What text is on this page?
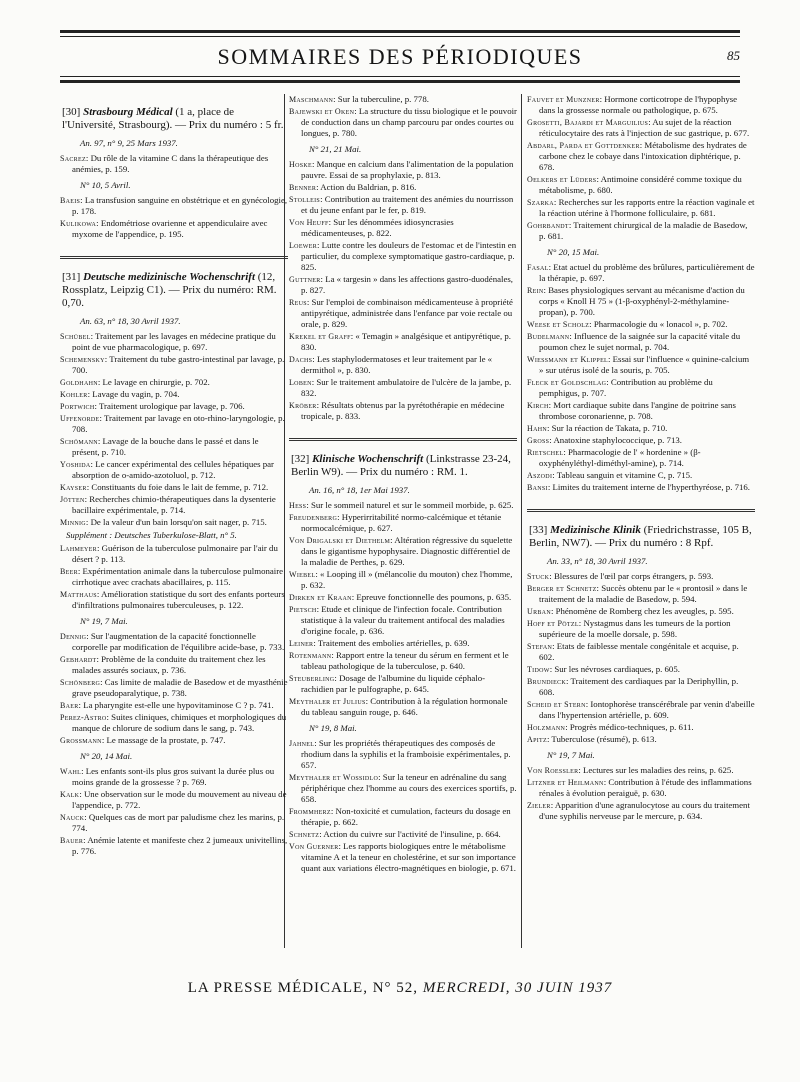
SOMMAIRES DES PÉRIODIQUES	85
[30] Strasbourg Médical (1 a, place de l'Université, Strasbourg). — Prix du numéro : 5 fr.
An. 97, n° 9, 25 Mars 1937.
Sacrez: Du rôle de la vitamine C dans la thérapeutique des anémies, p. 159.
N° 10, 5 Avril.
Baeis: La transfusion sanguine en obstétrique et en gynécologie, p. 178.
Kulikowa: Endométriose ovarienne et appendiculaire avec myxome de l'appendice, p. 195.
[31] Deutsche medizinische Wochenschrift (12, Rossplatz, Leipzig C1). — Prix du numéro: RM. 0,70.
An. 63, n° 18, 30 Avril 1937.
Schübel: Traitement par les lavages en médecine pratique du point de vue pharmacologique, p. 697.
Schemensky: Traitement du tube gastro-intestinal par lavage, p. 700.
Goldhahn: Le lavage en chirurgie, p. 702.
Kohler: Lavage du vagin, p. 704.
Portwich: Traitement urologique par lavage, p. 706.
Uffenorde: Traitement par lavage en oto-rhino-laryngologie, p. 708.
Schömann: Lavage de la bouche dans le passé et dans le présent, p. 710.
Yoshida: Le cancer expérimental des cellules hépatiques par absorption de o-amido-azotoluol, p. 712.
Kayser: Constituants du foie dans le lait de femme, p. 712.
Jötten: Recherches chimio-thérapeutiques dans la dysenterie bacillaire expérimentale, p. 714.
Minnig: De la valeur d'un bain lorsqu'on sait nager, p. 715.
Supplément : Deutsches Tuberkulose-Blatt, n° 5.
Lahmeyer: Guérison de la tuberculose pulmonaire par l'air du désert ? p. 113.
Beer: Expérimentation animale dans la tuberculose pulmonaire cirrhotique avec crachats abacillaires, p. 115.
Matthaus: Amélioration statistique du sort des enfants porteurs d'infiltrations pulmonaires tuberculeuses, p. 122.
N° 19, 7 Mai.
Dennig: Sur l'augmentation de la capacité fonctionnelle corporelle par modification de l'équilibre acide-base, p. 733.
Gebhardt: Problème de la conduite du traitement chez les malades assurés sociaux, p. 736.
Schönberg: Cas limite de maladie de Basedow et de myasthénie grave pseudoparalytique, p. 738.
Baer: La pharyngite est-elle une hypovitaminose C ? p. 741.
Perez-Astro: Suites cliniques, chimiques et morphologiques du manque de chlorure de sodium dans le sang, p. 743.
Grossmann: Le massage de la prostate, p. 747.
N° 20, 14 Mai.
Wahl: Les enfants sont-ils plus gros suivant la durée plus ou moins grande de la grossesse ? p. 769.
Kalk: Une observation sur le mode du mouvement au niveau de l'appendice, p. 772.
Nauck: Quelques cas de mort par paludisme chez les marins, p. 774.
Bauer: Anémie latente et manifeste chez 2 jumeaux univitellins, p. 776.
Maschmann: Sur la tuberculine, p. 778.
Bajewski et Oken: La structure du tissu biologique et le pouvoir de conduction dans un champ parcouru par ondes courtes ou longues, p. 780.
N° 21, 21 Mai.
Hoske: Manque en calcium dans l'alimentation de la population pauvre. Essai de sa prophylaxie, p. 813.
Benner: Action du Baldrian, p. 816.
Stolleis: Contribution au traitement des anémies du nourrisson et du jeune enfant par le fer, p. 819.
Von Heuff: Sur les dénommées idiosyncrasies médicamenteuses, p. 822.
Loewer: Lutte contre les douleurs de l'estomac et de l'intestin en particulier, du complexe symptomatique gastro-cardiaque, p. 825.
Guttner: La « targesin » dans les affections gastro-duodénales, p. 827.
Reus: Sur l'emploi de combinaison médicamenteuse à propriété antipyrétique, administrée dans l'enfance par voie rectale ou orale, p. 829.
Krekel et Graff: « Temagin » analgésique et antipyrétique, p. 830.
Dachs: Les staphylodermatoses et leur traitement par le « dermithol », p. 830.
Loben: Sur le traitement ambulatoire de l'ulcère de la jambe, p. 832.
Kröber: Résultats obtenus par la pyrétothérapie en médecine tropicale, p. 833.
[32] Klinische Wochenschrift (Linkstrasse 23-24, Berlin W9). — Prix du numéro : RM. 1.
An. 16, n° 18, 1er Mai 1937.
Hess: Sur le sommeil naturel et sur le sommeil morbide, p. 625.
Freudenberg: Hyperirritabilité normo-calcémique et tétanie normocalcémique, p. 627.
Von Drigalski et Diethelm: Altération régressive du squelette dans le gigantisme hypophysaire. Diagnostic différentiel de la maladie de Perthes, p. 629.
Wiebel: « Looping ill » (mélancolie du mouton) chez l'homme, p. 632.
Dirken et Kraan: Epreuve fonctionnelle des poumons, p. 635.
Pietsch: Etude et clinique de l'infection focale. Contribution statistique à la valeur du traitement antifocal des maladies d'origine focale, p. 636.
Leiner: Traitement des embolies artérielles, p. 639.
Rotenmann: Rapport entre la teneur du sérum en ferment et le tableau pathologique de la tuberculose, p. 640.
Steuberling: Dosage de l'albumine du liquide céphalo-rachidien par le pulfographe, p. 645.
Meythaler et Julius: Contribution à la régulation hormonale du tableau sanguin rouge, p. 646.
N° 19, 8 Mai.
Jahnel: Sur les propriétés thérapeutiques des composés de rhodium dans la syphilis et la framboisie expérimentales, p. 657.
Meythaler et Wossidlo: Sur la teneur en adrénaline du sang périphérique chez l'homme au cours des exercices sportifs, p. 658.
Frommherz: Non-toxicité et cumulation, facteurs du dosage en thérapie, p. 662.
Schnetz: Action du cuivre sur l'activité de l'insuline, p. 664.
Von Guerner: Les rapports biologiques entre le métabolisme vitamine A et la teneur en cholestérine, et sur son importance quant aux variations électro-magnétiques en biologie, p. 671.
Fauvet et Munzner: Hormone corticotrope de l'hypophyse dans la grossesse normale ou pathologique, p. 675.
Grosetti, Bajardi et Marguilius: Au sujet de la réaction réticulocytaire des rats à l'injection de suc gastrique, p. 677.
Abdarl, Parda et Gottdenker: Métabolisme des hydrates de carbone chez le cobaye dans l'intoxication diphtérique, p. 678.
Oelkers et Lüders: Antimoine considéré comme toxique du métabolisme, p. 680.
Szarka: Recherches sur les rapports entre la réaction vaginale et la réaction utérine à l'hormone folliculaire, p. 681.
Gohrbandt: Traitement chirurgical de la maladie de Basedow, p. 681.
N° 20, 15 Mai.
Fasal: Etat actuel du problème des brûlures, particulièrement de la thérapie, p. 697.
Rein: Bases physiologiques servant au mécanisme d'action du corps « Knoll H 75 » (1-β-oxyphényl-2-méthylamine-propan), p. 700.
Weese et Scholz: Pharmacologie du « lonacol », p. 702.
Budelmann: Influence de la saignée sur la capacité vitale du poumon chez le sujet normal, p. 704.
Wiessmann et Klippel: Essai sur l'influence « quinine-calcium » sur utérus isolé de la souris, p. 705.
Fleck et Goldschlag: Contribution au problème du pemphigus, p. 707.
Kirch: Mort cardiaque subite dans l'angine de poitrine sans thrombose coronarienne, p. 708.
Hahn: Sur la réaction de Takata, p. 710.
Gross: Anatoxine staphylococcique, p. 713.
Rietschel: Pharmacologie de l' « hordenine » (β-oxyphényléthyl-diméthyl-amine), p. 714.
Aszodi: Tableau sanguin et vitamine C, p. 715.
Bansi: Limites du traitement interne de l'hyperthyréose, p. 716.
[33] Medizinische Klinik (Friedrichstrasse, 105 B, Berlin, NW7). — Prix du numéro : 8 Rpf.
An. 33, n° 18, 30 Avril 1937.
Stuck: Blessures de l'œil par corps étrangers, p. 593.
Berger et Schnetz: Succès obtenu par le « prontosil » dans le traitement de la maladie de Basedow, p. 594.
Urban: Phénomène de Romberg chez les aveugles, p. 595.
Hoff et Pötzl: Nystagmus dans les tumeurs de la portion supérieure de la moelle dorsale, p. 598.
Stefan: Etats de faiblesse mentale congénitale et acquise, p. 602.
Tidow: Sur les névroses cardiaques, p. 605.
Brundieck: Traitement des cardiaques par la Deriphyllin, p. 608.
Scheid et Stern: Iontophorèse transcérébrale par venin d'abeille dans l'hypertension artérielle, p. 609.
Holzmann: Progrès médico-techniques, p. 611.
Apitz: Tuberculose (résumé), p. 613.
N° 19, 7 Mai.
Von Roessler: Lectures sur les maladies des reins, p. 625.
Litzner et Heilmann: Contribution à l'étude des inflammations rénales à évolution peraiguë, p. 630.
Zieler: Apparition d'une agranulocytose au cours du traitement d'une syphilis nerveuse par le mercure, p. 634.
LA PRESSE MÉDICALE, N° 52, MERCREDI, 30 JUIN 1937
